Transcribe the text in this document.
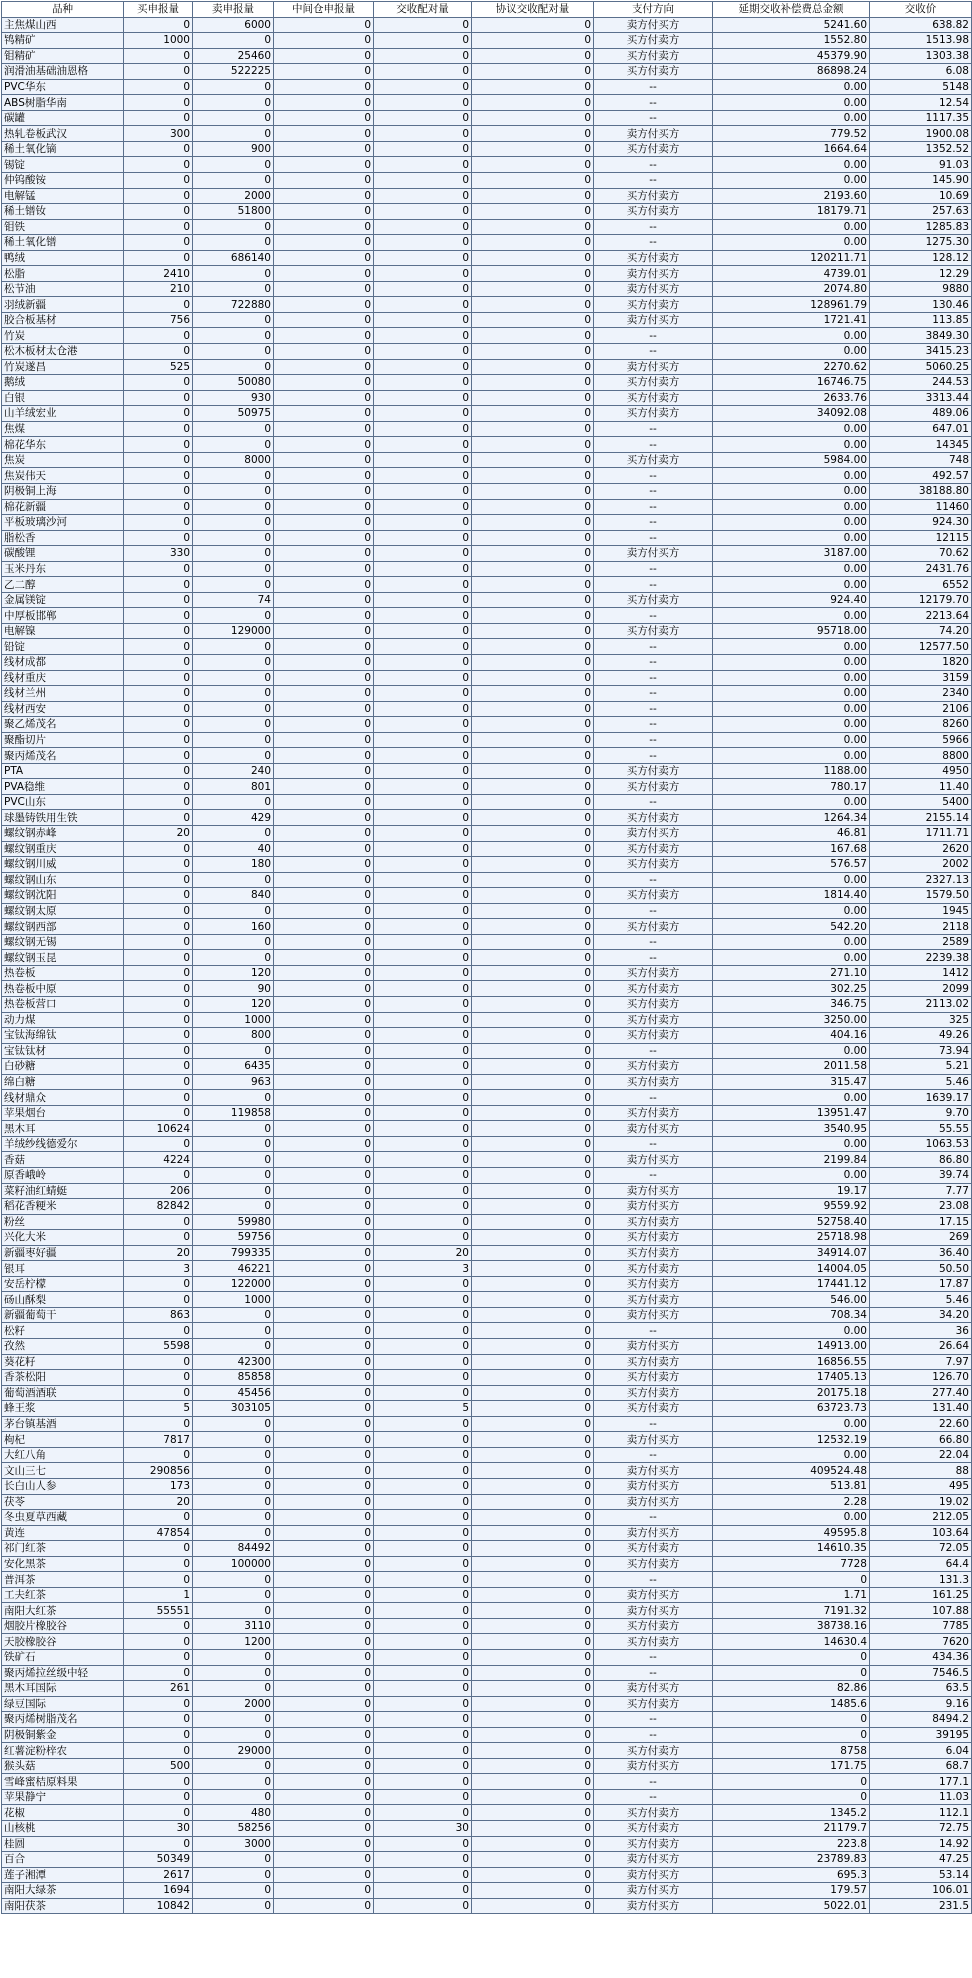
品种	买申报量	卖申报量	中间仓申报量	交收配对量	协议交收配对量	支付方向	延期交收补偿费总金额	交收价
主焦煤山西	0	6000	0	0	0	卖方付买方	5241.60	638.82
鸨精矿	1000	0	0	0	0	买方付卖方	1552.80	1513.98
钼精矿	0	25460	0	0	0	买方付卖方	45379.90	1303.38
润滑油基础油恩格	0	522225	0	0	0	买方付卖方	86898.24	6.08
PVC华东	0	0	0	0	0	--	0.00	5148
ABS树脂华南	0	0	0	0	0	--	0.00	12.54
碳罐	0	0	0	0	0	--	0.00	1117.35
热轧卷板武汉	300	0	0	0	0	卖方付买方	779.52	1900.08
稀土氧化镝	0	900	0	0	0	买方付卖方	1664.64	1352.52
锡锭	0	0	0	0	0	--	0.00	91.03
仲钨酸铵	0	0	0	0	0	--	0.00	145.90
电解锰	0	2000	0	0	0	买方付卖方	2193.60	10.69
稀土镨钕	0	51800	0	0	0	买方付卖方	18179.71	257.63
钼铁	0	0	0	0	0	--	0.00	1285.83
稀土氧化镨	0	0	0	0	0	--	0.00	1275.30
鸭绒	0	686140	0	0	0	买方付卖方	120211.71	128.12
松脂	2410	0	0	0	0	卖方付买方	4739.01	12.29
松节油	210	0	0	0	0	卖方付买方	2074.80	9880
羽绒新疆	0	722880	0	0	0	买方付卖方	128961.79	130.46
胶合板基材	756	0	0	0	0	卖方付买方	1721.41	113.85
竹炭	0	0	0	0	0	--	0.00	3849.30
松木板材太仓港	0	0	0	0	0	--	0.00	3415.23
竹炭遂昌	525	0	0	0	0	卖方付买方	2270.62	5060.25
鹅绒	0	50080	0	0	0	买方付卖方	16746.75	244.53
白银	0	930	0	0	0	买方付卖方	2633.76	3313.44
山羊绒宏业	0	50975	0	0	0	买方付卖方	34092.08	489.06
焦煤	0	0	0	0	0	--	0.00	647.01
棉花华东	0	0	0	0	0	--	0.00	14345
焦炭	0	8000	0	0	0	买方付卖方	5984.00	748
焦炭伟天	0	0	0	0	0	--	0.00	492.57
阴极铜上海	0	0	0	0	0	--	0.00	38188.80
棉花新疆	0	0	0	0	0	--	0.00	11460
平板玻璃沙河	0	0	0	0	0	--	0.00	924.30
脂松香	0	0	0	0	0	--	0.00	12115
碳酸锂	330	0	0	0	0	卖方付买方	3187.00	70.62
玉米丹东	0	0	0	0	0	--	0.00	2431.76
乙二醇	0	0	0	0	0	--	0.00	6552
金属镁锭	0	74	0	0	0	买方付卖方	924.40	12179.70
中厚板邯郸	0	0	0	0	0	--	0.00	2213.64
电解镍	0	129000	0	0	0	买方付卖方	95718.00	74.20
铅锭	0	0	0	0	0	--	0.00	12577.50
线材成都	0	0	0	0	0	--	0.00	1820
线材重庆	0	0	0	0	0	--	0.00	3159
线材兰州	0	0	0	0	0	--	0.00	2340
线材西安	0	0	0	0	0	--	0.00	2106
聚乙烯茂名	0	0	0	0	0	--	0.00	8260
聚酯切片	0	0	0	0	0	--	0.00	5966
聚丙烯茂名	0	0	0	0	0	--	0.00	8800
PTA	0	240	0	0	0	买方付卖方	1188.00	4950
PVA稳维	0	801	0	0	0	买方付卖方	780.17	11.40
PVC山东	0	0	0	0	0	--	0.00	5400
球墨铸铁用生铁	0	429	0	0	0	买方付卖方	1264.34	2155.14
螺纹钢赤峰	20	0	0	0	0	卖方付买方	46.81	1711.71
螺纹钢重庆	0	40	0	0	0	买方付卖方	167.68	2620
螺纹钢川威	0	180	0	0	0	买方付卖方	576.57	2002
螺纹钢山东	0	0	0	0	0	--	0.00	2327.13
螺纹钢沈阳	0	840	0	0	0	买方付卖方	1814.40	1579.50
螺纹钢太原	0	0	0	0	0	--	0.00	1945
螺纹钢西部	0	160	0	0	0	买方付卖方	542.20	2118
螺纹钢无锡	0	0	0	0	0	--	0.00	2589
螺纹钢玉昆	0	0	0	0	0	--	0.00	2239.38
热卷板	0	120	0	0	0	买方付卖方	271.10	1412
热卷板中原	0	90	0	0	0	买方付卖方	302.25	2099
热卷板营口	0	120	0	0	0	买方付卖方	346.75	2113.02
动力煤	0	1000	0	0	0	买方付卖方	3250.00	325
宝钛海绵钛	0	800	0	0	0	买方付卖方	404.16	49.26
宝钛钛材	0	0	0	0	0	--	0.00	73.94
白砂糖	0	6435	0	0	0	买方付卖方	2011.58	5.21
绵白糖	0	963	0	0	0	买方付卖方	315.47	5.46
线材鼎众	0	0	0	0	0	--	0.00	1639.17
苹果烟台	0	119858	0	0	0	买方付卖方	13951.47	9.70
黑木耳	10624	0	0	0	0	卖方付买方	3540.95	55.55
羊绒纱线德爱尔	0	0	0	0	0	--	0.00	1063.53
香菇	4224	0	0	0	0	卖方付买方	2199.84	86.80
原香峨岭	0	0	0	0	0	--	0.00	39.74
菜籽油红蜻蜓	206	0	0	0	0	卖方付买方	19.17	7.77
稻花香粳米	82842	0	0	0	0	卖方付买方	9559.92	23.08
粉丝	0	59980	0	0	0	买方付卖方	52758.40	17.15
兴化大米	0	59756	0	0	0	买方付卖方	25718.98	269
新疆枣好疆	20	799335	0	20	0	买方付卖方	34914.07	36.40
银耳	3	46221	0	3	0	买方付卖方	14004.05	50.50
安岳柠檬	0	122000	0	0	0	买方付卖方	17441.12	17.87
砀山酥梨	0	1000	0	0	0	买方付卖方	546.00	5.46
新疆葡萄干	863	0	0	0	0	卖方付买方	708.34	34.20
松籽	0	0	0	0	0	--	0.00	36
孜然	5598	0	0	0	0	卖方付买方	14913.00	26.64
葵花籽	0	42300	0	0	0	买方付卖方	16856.55	7.97
香茶松阳	0	85858	0	0	0	买方付卖方	17405.13	126.70
葡萄酒酒联	0	45456	0	0	0	买方付卖方	20175.18	277.40
蜂王浆	5	303105	0	5	0	买方付卖方	63723.73	131.40
茅台镇基酒	0	0	0	0	0	--	0.00	22.60
枸杞	7817	0	0	0	0	卖方付买方	12532.19	66.80
大红八角	0	0	0	0	0	--	0.00	22.04
文山三七	290856	0	0	0	0	卖方付买方	409524.48	88
长白山人参	173	0	0	0	0	卖方付买方	513.81	495
茯苓	20	0	0	0	0	卖方付买方	2.28	19.02
冬虫夏草西藏	0	0	0	0	0	--	0.00	212.05
黄连	47854	0	0	0	0	卖方付买方	49595.8	103.64
祁门红茶	0	84492	0	0	0	买方付卖方	14610.35	72.05
安化黑茶	0	100000	0	0	0	买方付卖方	7728	64.4
普洱茶	0	0	0	0	0	--	0	131.3
工夫红茶	1	0	0	0	0	卖方付买方	1.71	161.25
南阳大红茶	55551	0	0	0	0	卖方付买方	7191.32	107.88
烟胶片橡胶谷	0	3110	0	0	0	买方付卖方	38738.16	7785
天胶橡胶谷	0	1200	0	0	0	买方付卖方	14630.4	7620
铁矿石	0	0	0	0	0	--	0	434.36
聚丙烯拉丝级中轻	0	0	0	0	0	--	0	7546.5
黑木耳国际	261	0	0	0	0	卖方付买方	82.86	63.5
绿豆国际	0	2000	0	0	0	买方付卖方	1485.6	9.16
聚丙烯树脂茂名	0	0	0	0	0	--	0	8494.2
阴极铜紫金	0	0	0	0	0	--	0	39195
红薯淀粉梓农	0	29000	0	0	0	买方付卖方	8758	6.04
猴头菇	500	0	0	0	0	卖方付买方	171.75	68.7
雪峰蜜桔原料果	0	0	0	0	0	--	0	177.1
苹果静宁	0	0	0	0	0	--	0	11.03
花椒	0	480	0	0	0	买方付卖方	1345.2	112.1
山核桃	30	58256	0	30	0	买方付卖方	21179.7	72.75
桂圆	0	3000	0	0	0	买方付卖方	223.8	14.92
百合	50349	0	0	0	0	卖方付买方	23789.83	47.25
莲子湘潭	2617	0	0	0	0	卖方付买方	695.3	53.14
南阳大绿茶	1694	0	0	0	0	卖方付买方	179.57	106.01
南阳茯茶	10842	0	0	0	0	卖方付买方	5022.01	231.5
